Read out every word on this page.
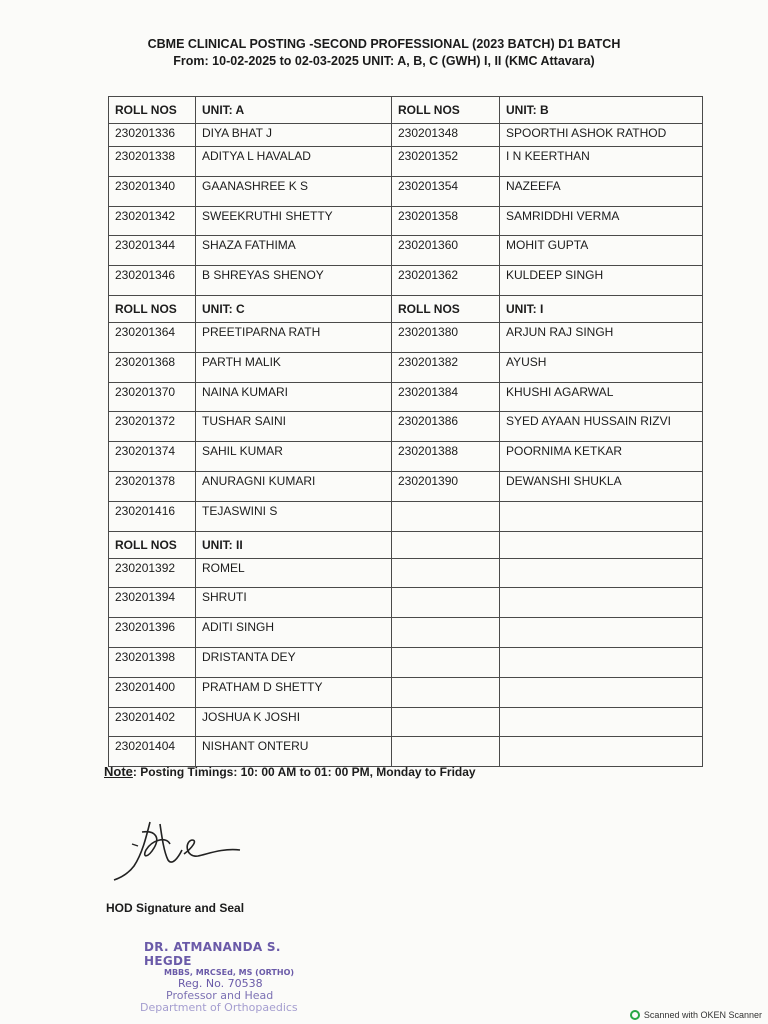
CBME CLINICAL POSTING -SECOND PROFESSIONAL (2023 BATCH) D1 BATCH
From: 10-02-2025 to 02-03-2025 UNIT: A, B, C (GWH) I, II (KMC Attavara)
ROLL NOS	UNIT: A	ROLL NOS	UNIT: B
230201336	DIYA BHAT J	230201348	SPOORTHI ASHOK RATHOD
230201338	ADITYA L HAVALAD	230201352	I N KEERTHAN
230201340	GAANASHREE K S	230201354	NAZEEFA
230201342	SWEEKRUTHI SHETTY	230201358	SAMRIDDHI VERMA
230201344	SHAZA FATHIMA	230201360	MOHIT GUPTA
230201346	B SHREYAS SHENOY	230201362	KULDEEP SINGH
ROLL NOS	UNIT: C	ROLL NOS	UNIT: I
230201364	PREETIPARNA RATH	230201380	ARJUN RAJ SINGH
230201368	PARTH MALIK	230201382	AYUSH
230201370	NAINA KUMARI	230201384	KHUSHI AGARWAL
230201372	TUSHAR SAINI	230201386	SYED AYAAN HUSSAIN RIZVI
230201374	SAHIL KUMAR	230201388	POORNIMA KETKAR
230201378	ANURAGNI KUMARI	230201390	DEWANSHI SHUKLA
230201416	TEJASWINI S		
ROLL NOS	UNIT: II		
230201392	ROMEL		
230201394	SHRUTI		
230201396	ADITI SINGH		
230201398	DRISTANTA DEY		
230201400	PRATHAM D SHETTY		
230201402	JOSHUA K JOSHI		
230201404	NISHANT ONTERU		
Note: Posting Timings: 10: 00 AM to 01: 00 PM, Monday to Friday
HOD Signature and Seal
DR. ATMANANDA S. HEGDE
MBBS, MRCSEd, MS (ORTHO)
Reg. No. 70538
Professor and Head
Department of Orthopaedics
Scanned with OKEN Scanner
